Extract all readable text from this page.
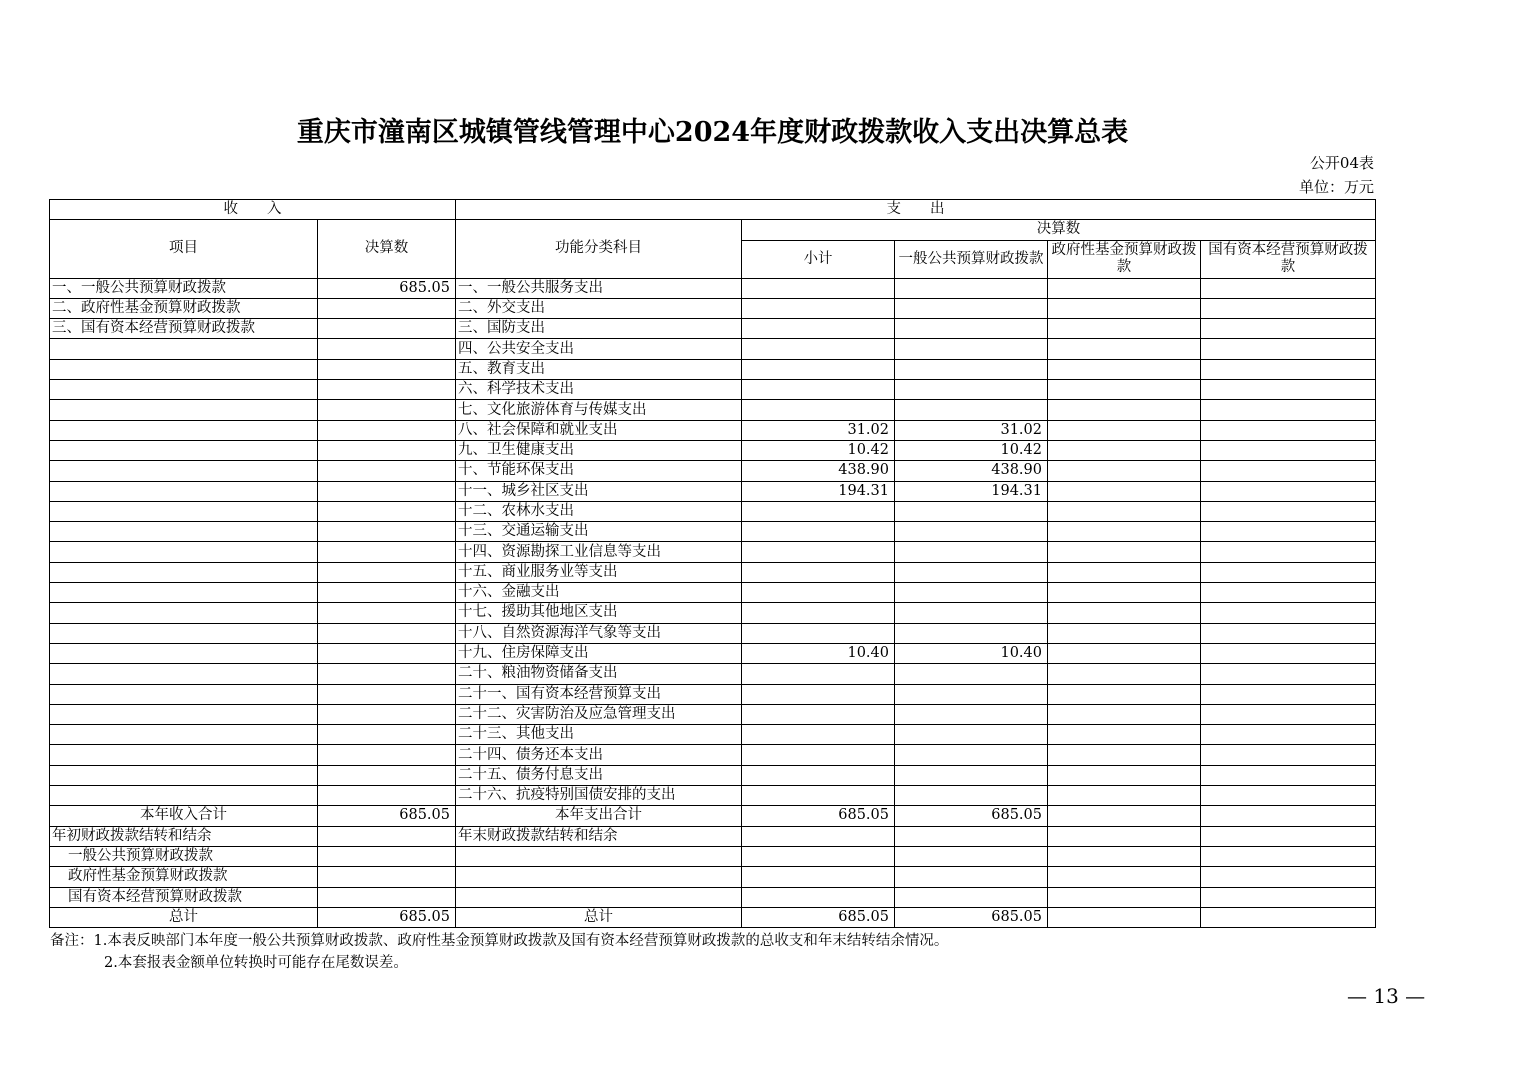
重庆市潼南区城镇管线管理中心2024年度财政拨款收入支出决算总表
公开04表
单位：万元
收　　入		支　　出				
项目	决算数	功能分类科目	决算数			
			小计	一般公共预算财政拨款	政府性基金预算财政拨款	国有资本经营预算财政拨款
一、一般公共预算财政拨款	685.05	一、一般公共服务支出				
二、政府性基金预算财政拨款		二、外交支出				
三、国有资本经营预算财政拨款		三、国防支出				
		四、公共安全支出				
		五、教育支出				
		六、科学技术支出				
		七、文化旅游体育与传媒支出				
		八、社会保障和就业支出	31.02	31.02		
		九、卫生健康支出	10.42	10.42		
		十、节能环保支出	438.90	438.90		
		十一、城乡社区支出	194.31	194.31		
		十二、农林水支出				
		十三、交通运输支出				
		十四、资源勘探工业信息等支出				
		十五、商业服务业等支出				
		十六、金融支出				
		十七、援助其他地区支出				
		十八、自然资源海洋气象等支出				
		十九、住房保障支出	10.40	10.40		
		二十、粮油物资储备支出				
		二十一、国有资本经营预算支出				
		二十二、灾害防治及应急管理支出				
		二十三、其他支出				
		二十四、债务还本支出				
		二十五、债务付息支出				
		二十六、抗疫特别国债安排的支出				
本年收入合计	685.05	本年支出合计	685.05	685.05		
年初财政拨款结转和结余		年末财政拨款结转和结余				
一般公共预算财政拨款						
政府性基金预算财政拨款						
国有资本经营预算财政拨款						
总计	685.05	总计	685.05	685.05		
备注：1.本表反映部门本年度一般公共预算财政拨款、政府性基金预算财政拨款及国有资本经营预算财政拨款的总收支和年末结转结余情况。
2.本套报表金额单位转换时可能存在尾数误差。
— 13 —
